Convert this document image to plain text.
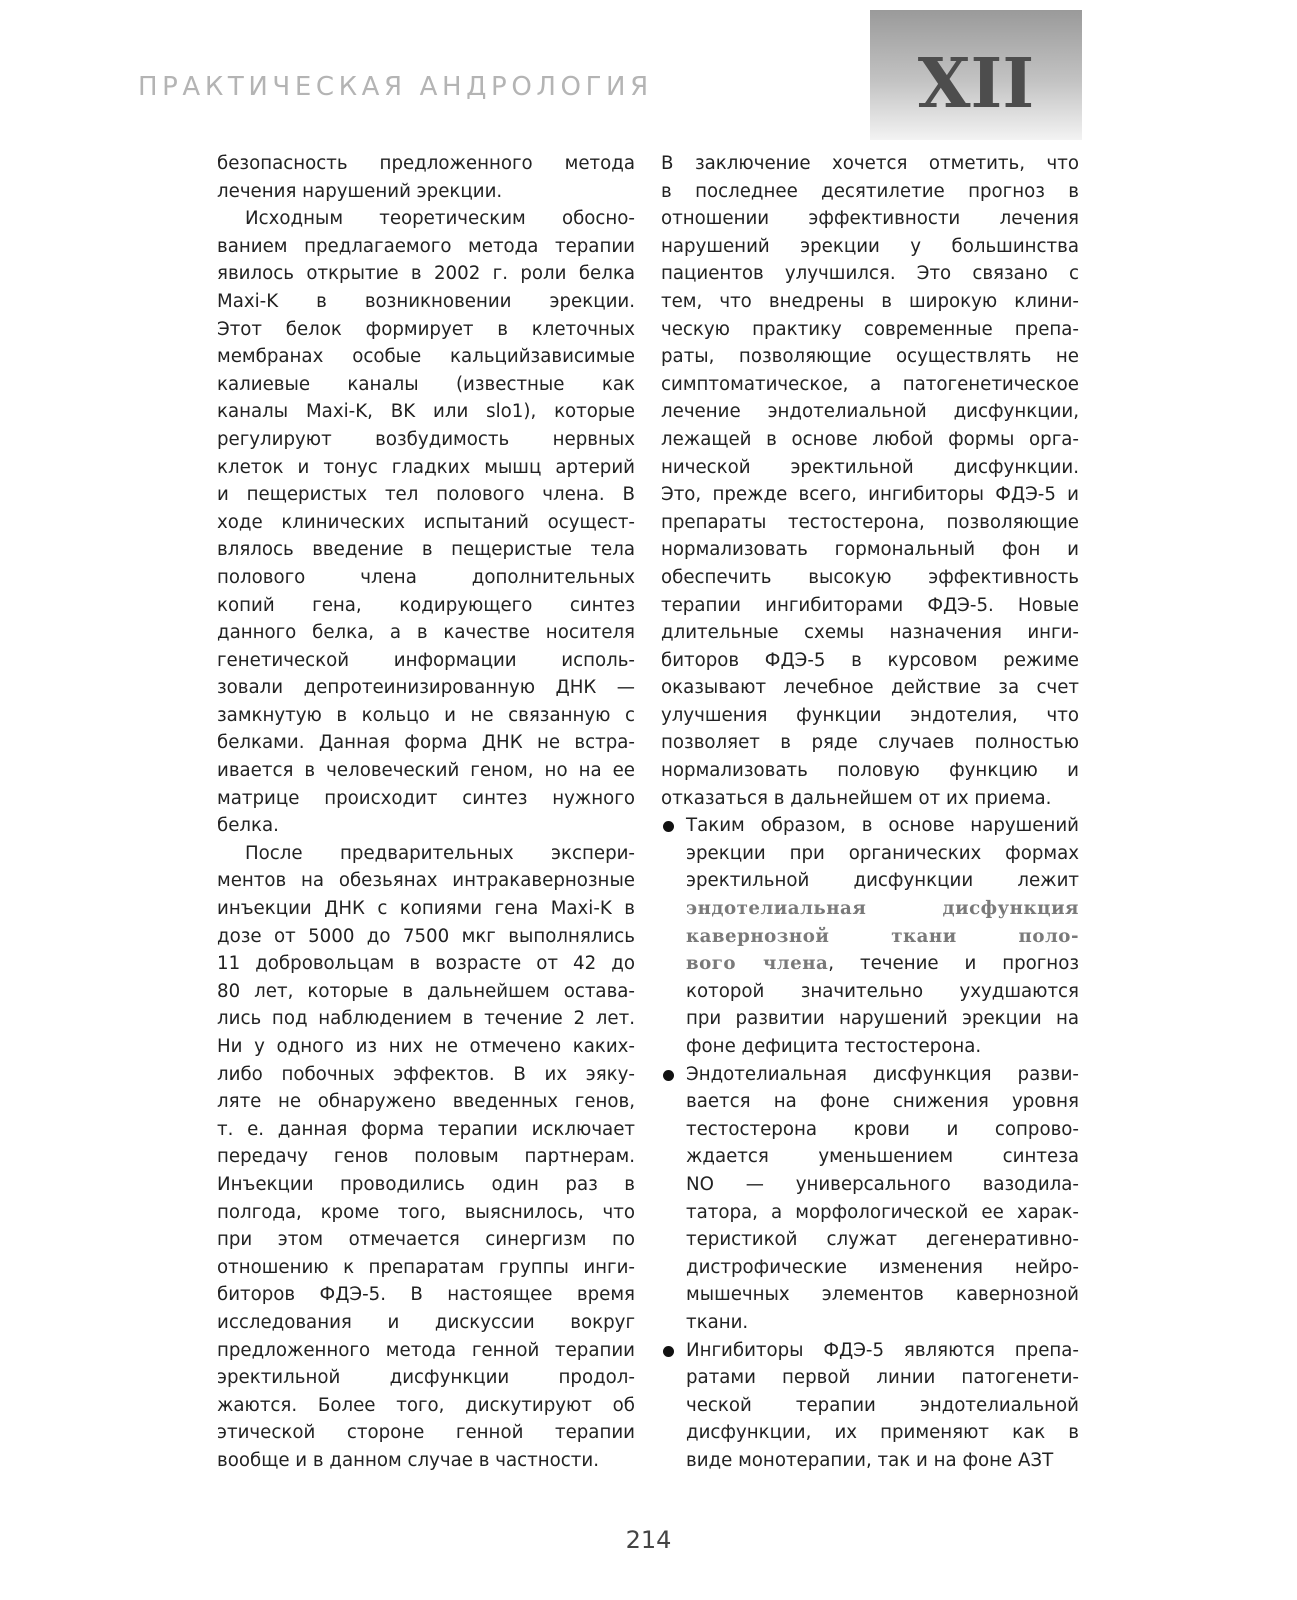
ПРАКТИЧЕСКАЯ АНДРОЛОГИЯ	XII
безопасность предложенного метода
лечения нарушений эрекции.
Исходным теоретическим обосно-
ванием предлагаемого метода терапии
явилось открытие в 2002 г. роли белка
Maxi-K в возникновении эрекции.
Этот белок формирует в клеточных
мембранах особые кальцийзависимые
калиевые каналы (известные как
каналы Maxi-K, BK или slo1), которые
регулируют возбудимость нервных
клеток и тонус гладких мышц артерий
и пещеристых тел полового члена. В
ходе клинических испытаний осущест-
влялось введение в пещеристые тела
полового члена дополнительных
копий гена, кодирующего синтез
данного белка, а в качестве носителя
генетической информации исполь-
зовали депротеинизированную ДНК —
замкнутую в кольцо и не связанную с
белками. Данная форма ДНК не встра-
ивается в человеческий геном, но на ее
матрице происходит синтез нужного
белка.
После предварительных экспери-
ментов на обезьянах интракавернозные
инъекции ДНК с копиями гена Maxi-K в
дозе от 5000 до 7500 мкг выполнялись
11 добровольцам в возрасте от 42 до
80 лет, которые в дальнейшем остава-
лись под наблюдением в течение 2 лет.
Ни у одного из них не отмечено каких-
либо побочных эффектов. В их эяку-
ляте не обнаружено введенных генов,
т. е. данная форма терапии исключает
передачу генов половым партнерам.
Инъекции проводились один раз в
полгода, кроме того, выяснилось, что
при этом отмечается синергизм по
отношению к препаратам группы инги-
биторов ФДЭ-5. В настоящее время
исследования и дискуссии вокруг
предложенного метода генной терапии
эректильной дисфункции продол-
жаются. Более того, дискутируют об
этической стороне генной терапии
вообще и в данном случае в частности.
В заключение хочется отметить, что
в последнее десятилетие прогноз в
отношении эффективности лечения
нарушений эрекции у большинства
пациентов улучшился. Это связано с
тем, что внедрены в широкую клини-
ческую практику современные препа-
раты, позволяющие осуществлять не
симптоматическое, а патогенетическое
лечение эндотелиальной дисфункции,
лежащей в основе любой формы орга-
нической эректильной дисфункции.
Это, прежде всего, ингибиторы ФДЭ-5 и
препараты тестостерона, позволяющие
нормализовать гормональный фон и
обеспечить высокую эффективность
терапии ингибиторами ФДЭ-5. Новые
длительные схемы назначения инги-
биторов ФДЭ-5 в курсовом режиме
оказывают лечебное действие за счет
улучшения функции эндотелия, что
позволяет в ряде случаев полностью
нормализовать половую функцию и
отказаться в дальнейшем от их приема.
Таким образом, в основе нарушений
эрекции при органических формах
эректильной дисфункции лежит
эндотелиальная дисфункция
кавернозной ткани поло-
вого члена, течение и прогноз
которой значительно ухудшаются
при развитии нарушений эрекции на
фоне дефицита тестостерона.
Эндотелиальная дисфункция разви-
вается на фоне снижения уровня
тестостерона крови и сопрово-
ждается уменьшением синтеза
NO — универсального вазодила-
татора, а морфологической ее харак-
теристикой служат дегенеративно-
дистрофические изменения нейро-
мышечных элементов кавернозной
ткани.
Ингибиторы ФДЭ-5 являются препа-
ратами первой линии патогенети-
ческой терапии эндотелиальной
дисфункции, их применяют как в
виде монотерапии, так и на фоне АЗТ
214
